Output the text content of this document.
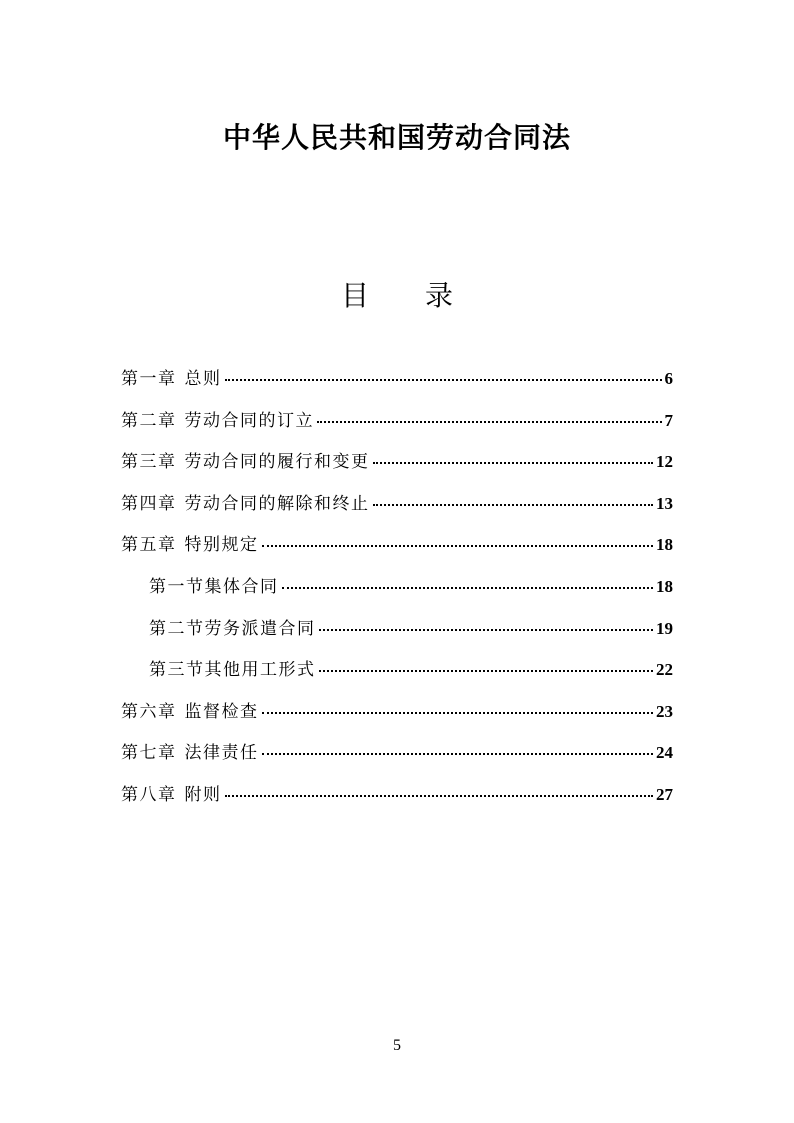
中华人民共和国劳动合同法
目 录
第一章 总则	6
第二章 劳动合同的订立	7
第三章 劳动合同的履行和变更	12
第四章 劳动合同的解除和终止	13
第五章 特别规定	18
第一节集体合同	18
第二节劳务派遣合同	19
第三节其他用工形式	22
第六章 监督检查	23
第七章 法律责任	24
第八章 附则	27
5
